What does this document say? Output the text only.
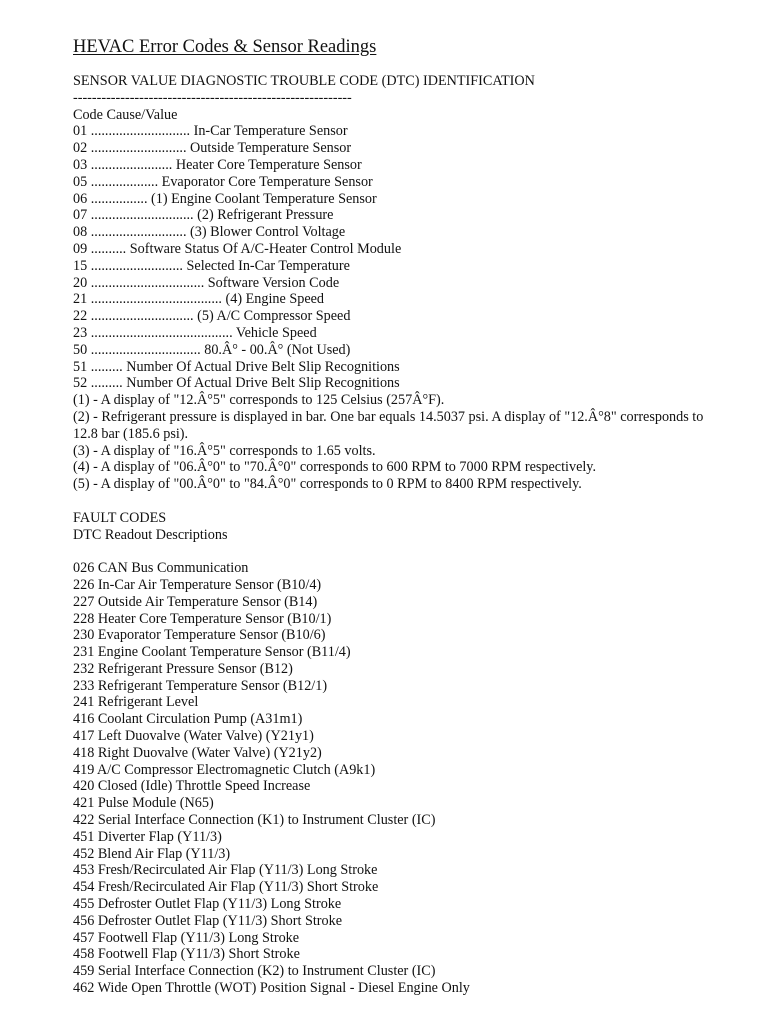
HEVAC Error Codes & Sensor Readings
SENSOR VALUE DIAGNOSTIC TROUBLE CODE (DTC) IDENTIFICATION
-----------------------------------------------------------
Code Cause/Value
01 ............................ In-Car Temperature Sensor
02 ........................... Outside Temperature Sensor
03 ....................... Heater Core Temperature Sensor
05 ................... Evaporator Core Temperature Sensor
06 ................ (1) Engine Coolant Temperature Sensor
07 ............................. (2) Refrigerant Pressure
08 ........................... (3) Blower Control Voltage
09 .......... Software Status Of A/C-Heater Control Module
15 .......................... Selected In-Car Temperature
20 ................................ Software Version Code
21 ..................................... (4) Engine Speed
22 ............................. (5) A/C Compressor Speed
23 ........................................ Vehicle Speed
50 ............................... 80.Â° - 00.Â° (Not Used)
51 ......... Number Of Actual Drive Belt Slip Recognitions
52 ......... Number Of Actual Drive Belt Slip Recognitions
(1) - A display of "12.Â°5" corresponds to 125 Celsius (257Â°F).
(2) - Refrigerant pressure is displayed in bar. One bar equals 14.5037 psi. A display of "12.Â°8" corresponds to 12.8 bar (185.6 psi).
(3) - A display of "16.Â°5" corresponds to 1.65 volts.
(4) - A display of "06.Â°0" to "70.Â°0" corresponds to 600 RPM to 7000 RPM respectively.
(5) - A display of "00.Â°0" to "84.Â°0" corresponds to 0 RPM to 8400 RPM respectively.
FAULT CODES
DTC Readout Descriptions
026 CAN Bus Communication
226 In-Car Air Temperature Sensor (B10/4)
227 Outside Air Temperature Sensor (B14)
228 Heater Core Temperature Sensor (B10/1)
230 Evaporator Temperature Sensor (B10/6)
231 Engine Coolant Temperature Sensor (B11/4)
232 Refrigerant Pressure Sensor (B12)
233 Refrigerant Temperature Sensor (B12/1)
241 Refrigerant Level
416 Coolant Circulation Pump (A31m1)
417 Left Duovalve (Water Valve) (Y21y1)
418 Right Duovalve (Water Valve) (Y21y2)
419 A/C Compressor Electromagnetic Clutch (A9k1)
420 Closed (Idle) Throttle Speed Increase
421 Pulse Module (N65)
422 Serial Interface Connection (K1) to Instrument Cluster (IC)
451 Diverter Flap (Y11/3)
452 Blend Air Flap (Y11/3)
453 Fresh/Recirculated Air Flap (Y11/3) Long Stroke
454 Fresh/Recirculated Air Flap (Y11/3) Short Stroke
455 Defroster Outlet Flap (Y11/3) Long Stroke
456 Defroster Outlet Flap (Y11/3) Short Stroke
457 Footwell Flap (Y11/3) Long Stroke
458 Footwell Flap (Y11/3) Short Stroke
459 Serial Interface Connection (K2) to Instrument Cluster (IC)
462 Wide Open Throttle (WOT) Position Signal - Diesel Engine Only
